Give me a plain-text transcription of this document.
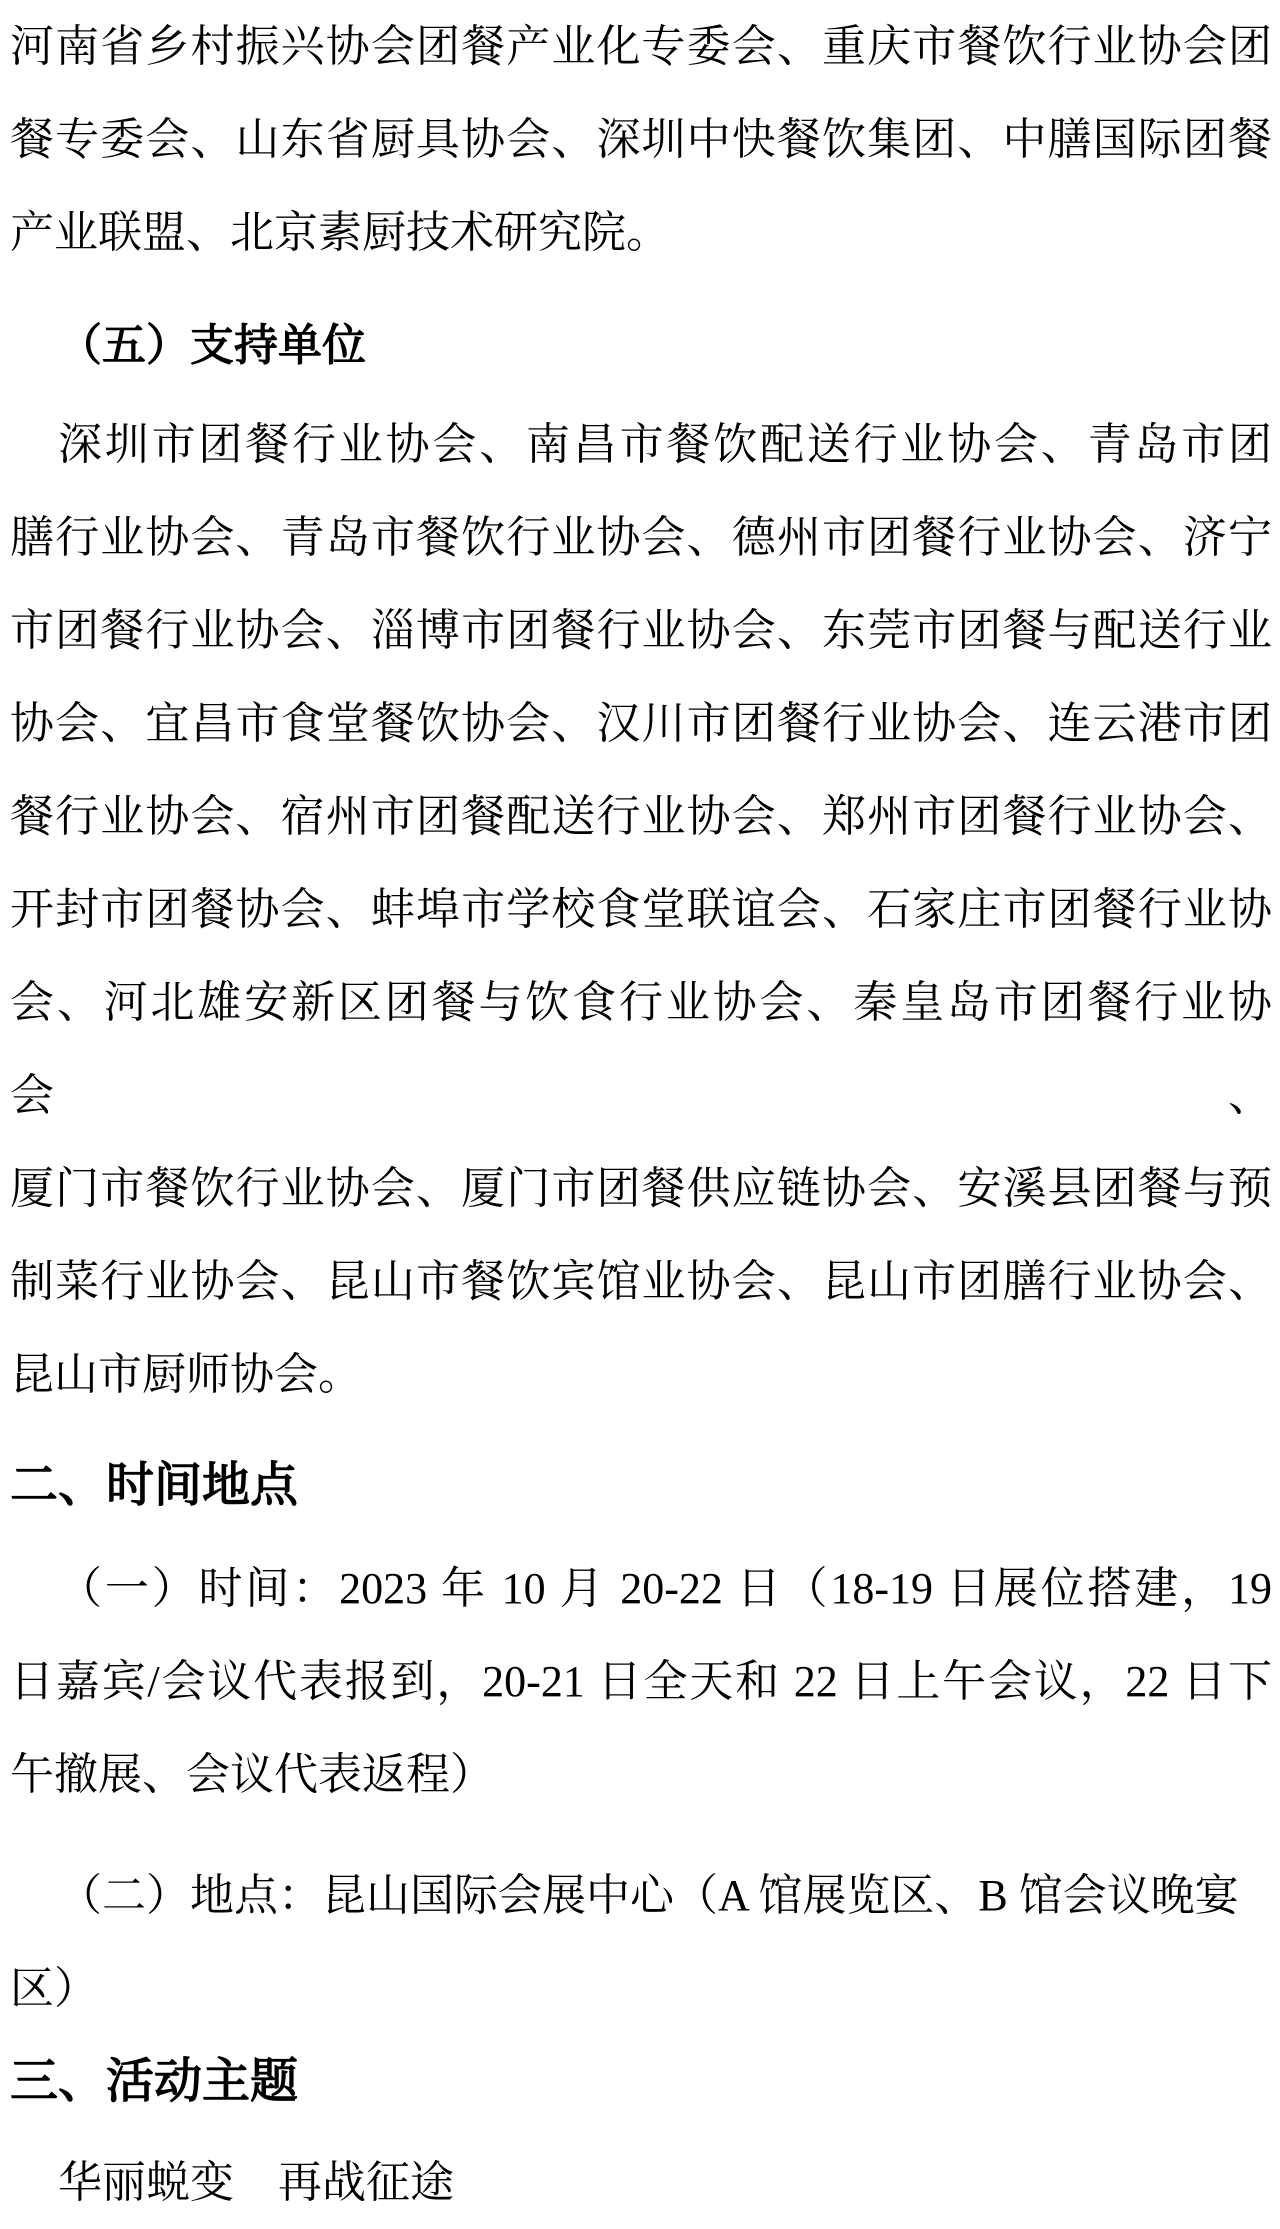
河南省乡村振兴协会团餐产业化专委会、重庆市餐饮行业协会团
餐专委会、山东省厨具协会、深圳中快餐饮集团、中膳国际团餐
产业联盟、北京素厨技术研究院。
（五）支持单位
深圳市团餐行业协会、南昌市餐饮配送行业协会、青岛市团
膳行业协会、青岛市餐饮行业协会、德州市团餐行业协会、济宁
市团餐行业协会、淄博市团餐行业协会、东莞市团餐与配送行业
协会、宜昌市食堂餐饮协会、汉川市团餐行业协会、连云港市团
餐行业协会、宿州市团餐配送行业协会、郑州市团餐行业协会、
开封市团餐协会、蚌埠市学校食堂联谊会、石家庄市团餐行业协
会、河北雄安新区团餐与饮食行业协会、秦皇岛市团餐行业协会、
厦门市餐饮行业协会、厦门市团餐供应链协会、安溪县团餐与预
制菜行业协会、昆山市餐饮宾馆业协会、昆山市团膳行业协会、
昆山市厨师协会。
二、时间地点
（一）时间：2023 年 10 月 20-22 日（18-19 日展位搭建，19
日嘉宾/会议代表报到，20-21 日全天和 22 日上午会议，22 日下
午撤展、会议代表返程）
（二）地点：昆山国际会展中心（A 馆展览区、B 馆会议晚宴区）
三、活动主题
华丽蜕变　再战征途
